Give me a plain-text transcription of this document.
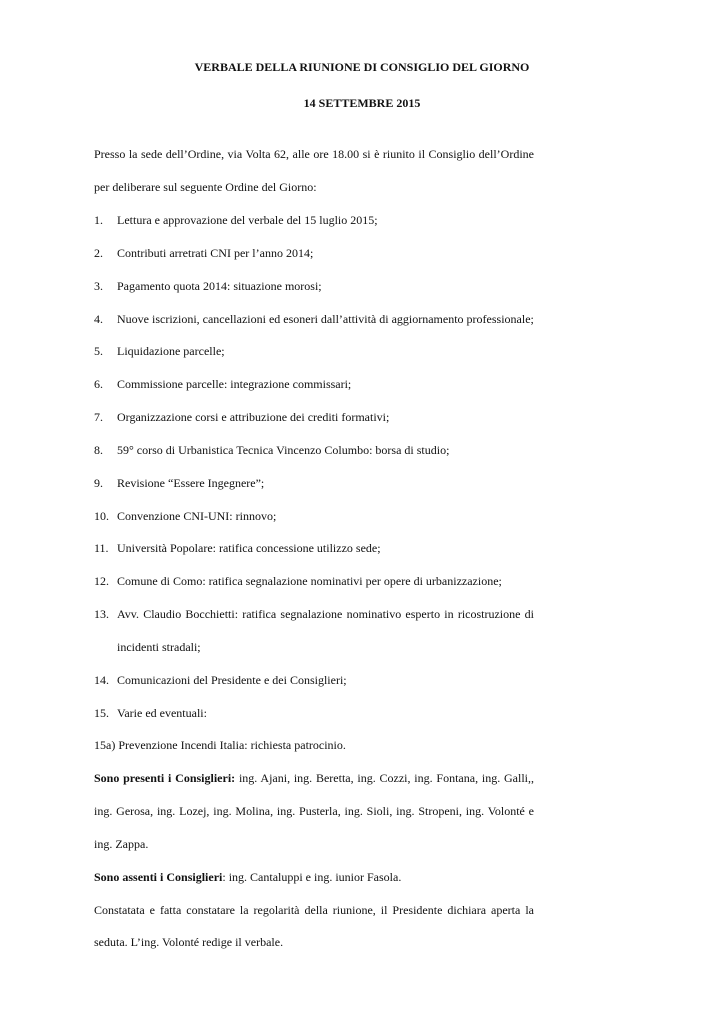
VERBALE DELLA RIUNIONE DI CONSIGLIO DEL GIORNO
14 SETTEMBRE 2015
Presso la sede dell’Ordine, via Volta 62, alle ore 18.00 si è riunito il Consiglio dell’Ordine
per deliberare sul seguente Ordine del Giorno:
1. Lettura e approvazione del verbale del 15 luglio 2015;
2. Contributi arretrati CNI per l’anno 2014;
3. Pagamento quota 2014: situazione morosi;
4. Nuove iscrizioni, cancellazioni ed esoneri dall’attività di aggiornamento professionale;
5. Liquidazione parcelle;
6. Commissione parcelle: integrazione commissari;
7. Organizzazione corsi e attribuzione dei crediti formativi;
8. 59° corso di Urbanistica Tecnica Vincenzo Columbo: borsa di studio;
9. Revisione “Essere Ingegnere”;
10. Convenzione CNI-UNI: rinnovo;
11. Università Popolare: ratifica concessione utilizzo sede;
12. Comune di Como: ratifica segnalazione nominativi per opere di urbanizzazione;
13. Avv. Claudio Bocchietti: ratifica segnalazione nominativo esperto in ricostruzione di
incidenti stradali;
14. Comunicazioni del Presidente e dei Consiglieri;
15. Varie ed eventuali:
15a) Prevenzione Incendi Italia: richiesta patrocinio.
Sono presenti i Consiglieri: ing. Ajani, ing. Beretta, ing. Cozzi, ing. Fontana, ing. Galli,,
ing. Gerosa, ing. Lozej, ing. Molina, ing. Pusterla, ing. Sioli, ing. Stropeni, ing. Volonté e
ing. Zappa.
Sono assenti i Consiglieri: ing. Cantaluppi e ing. iunior Fasola.
Constatata e fatta constatare la regolarità della riunione, il Presidente dichiara aperta la
seduta. L’ing. Volonté redige il verbale.
